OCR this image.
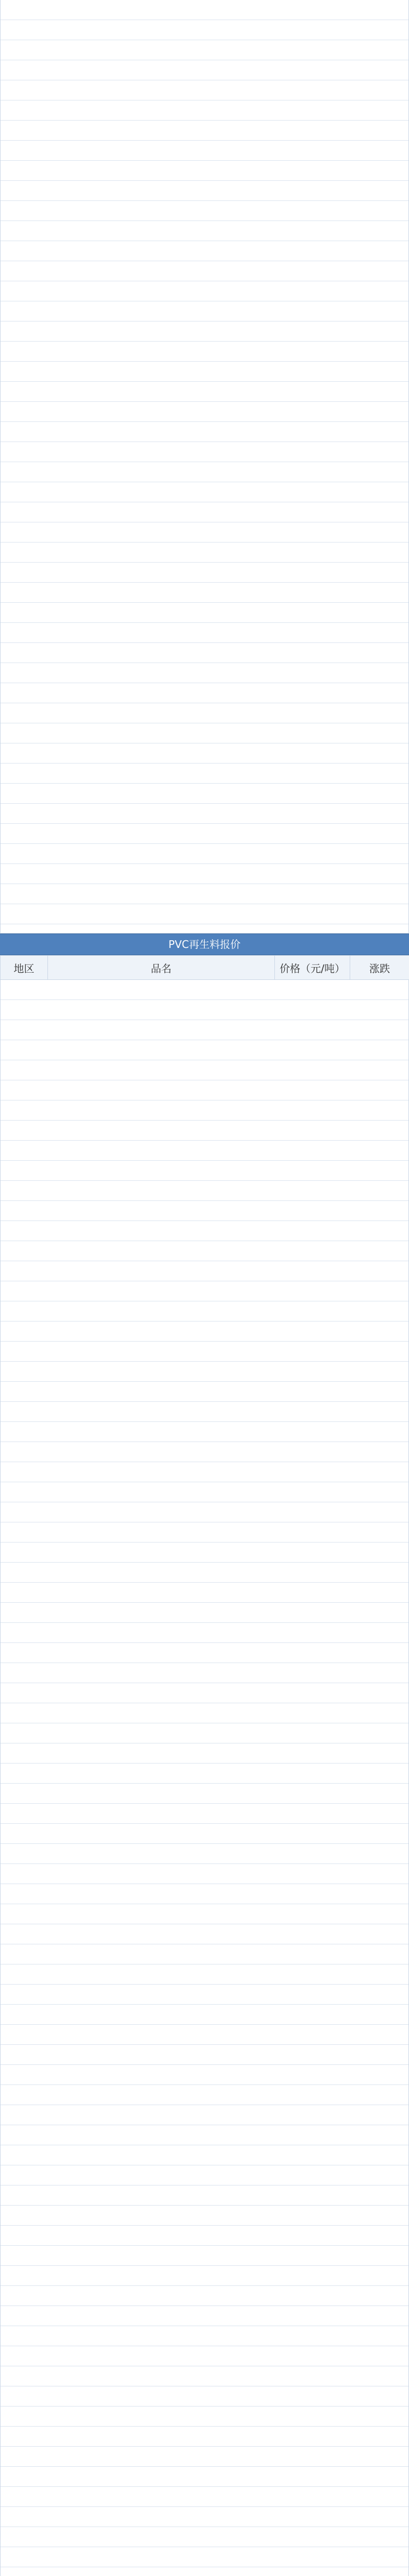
PVC再生料报价
地区	品名	价格（元/吨）	涨跌
